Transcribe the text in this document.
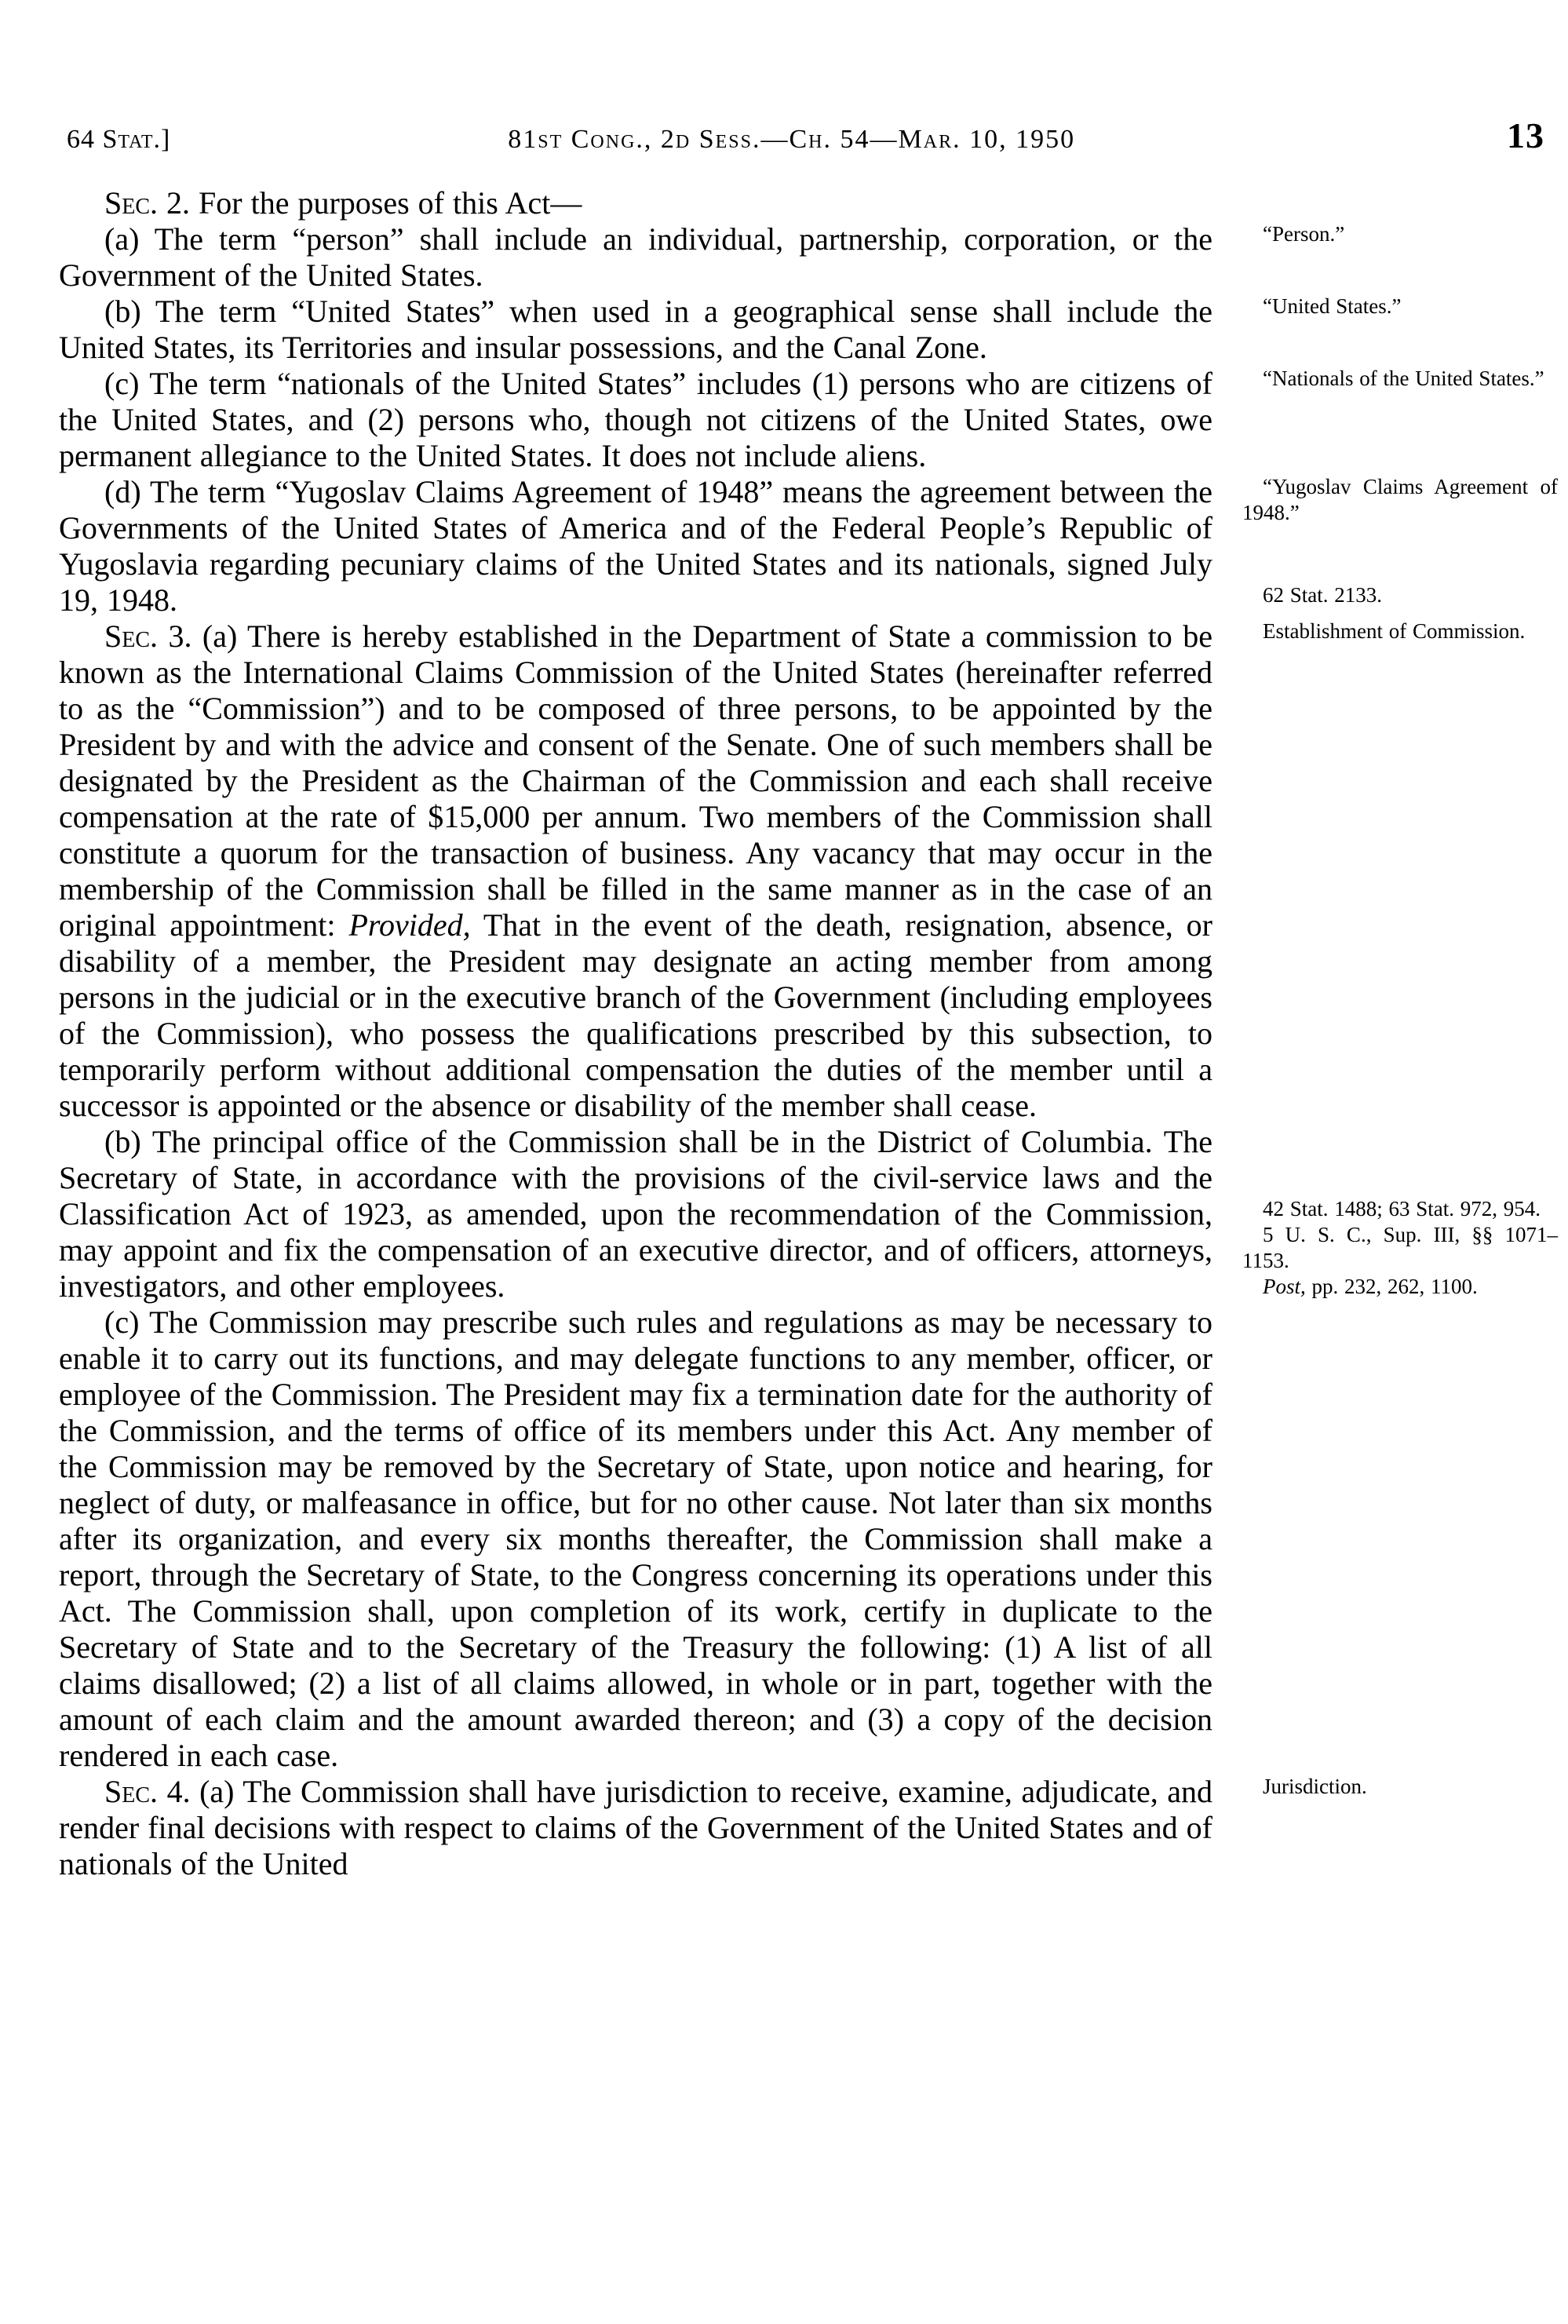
64 Stat.]	81st Cong., 2d Sess.—Ch. 54—Mar. 10, 1950	13

Sec. 2. For the purposes of this Act—

(a) The term “person” shall include an individual, partnership, corporation, or the Government of the United States.

“Person.”

(b) The term “United States” when used in a geographical sense shall include the United States, its Territories and insular possessions, and the Canal Zone.

“United States.”

(c) The term “nationals of the United States” includes (1) persons who are citizens of the United States, and (2) persons who, though not citizens of the United States, owe permanent allegiance to the United States. It does not include aliens.

“Nationals of the United States.”

(d) The term “Yugoslav Claims Agreement of 1948” means the agreement between the Governments of the United States of America and of the Federal People’s Republic of Yugoslavia regarding pecuniary claims of the United States and its nationals, signed July 19, 1948.

“Yugoslav Claims Agreement of 1948.”

62 Stat. 2133.

Sec. 3. (a) There is hereby established in the Department of State a commission to be known as the International Claims Commission of the United States (hereinafter referred to as the “Commission”) and to be composed of three persons, to be appointed by the President by and with the advice and consent of the Senate. One of such members shall be designated by the President as the Chairman of the Commission and each shall receive compensation at the rate of $15,000 per annum. Two members of the Commission shall constitute a quorum for the transaction of business. Any vacancy that may occur in the membership of the Commission shall be filled in the same manner as in the case of an original appointment: Provided, That in the event of the death, resignation, absence, or disability of a member, the President may designate an acting member from among persons in the judicial or in the executive branch of the Government (including employees of the Commission), who possess the qualifications prescribed by this subsection, to temporarily perform without additional compensation the duties of the member until a successor is appointed or the absence or disability of the member shall cease.

Establishment of Commission.

(b) The principal office of the Commission shall be in the District of Columbia. The Secretary of State, in accordance with the provisions of the civil-service laws and the Classification Act of 1923, as amended, upon the recommendation of the Commission, may appoint and fix the compensation of an executive director, and of officers, attorneys, investigators, and other employees.

42 Stat. 1488; 63 Stat. 972, 954.

5 U. S. C., Sup. III, §§ 1071–1153.

Post, pp. 232, 262, 1100.

(c) The Commission may prescribe such rules and regulations as may be necessary to enable it to carry out its functions, and may delegate functions to any member, officer, or employee of the Commission. The President may fix a termination date for the authority of the Commission, and the terms of office of its members under this Act. Any member of the Commission may be removed by the Secretary of State, upon notice and hearing, for neglect of duty, or malfeasance in office, but for no other cause. Not later than six months after its organization, and every six months thereafter, the Commission shall make a report, through the Secretary of State, to the Congress concerning its operations under this Act. The Commission shall, upon completion of its work, certify in duplicate to the Secretary of State and to the Secretary of the Treasury the following: (1) A list of all claims disallowed; (2) a list of all claims allowed, in whole or in part, together with the amount of each claim and the amount awarded thereon; and (3) a copy of the decision rendered in each case.

Sec. 4. (a) The Commission shall have jurisdiction to receive, examine, adjudicate, and render final decisions with respect to claims of the Government of the United States and of nationals of the United

Jurisdiction.
